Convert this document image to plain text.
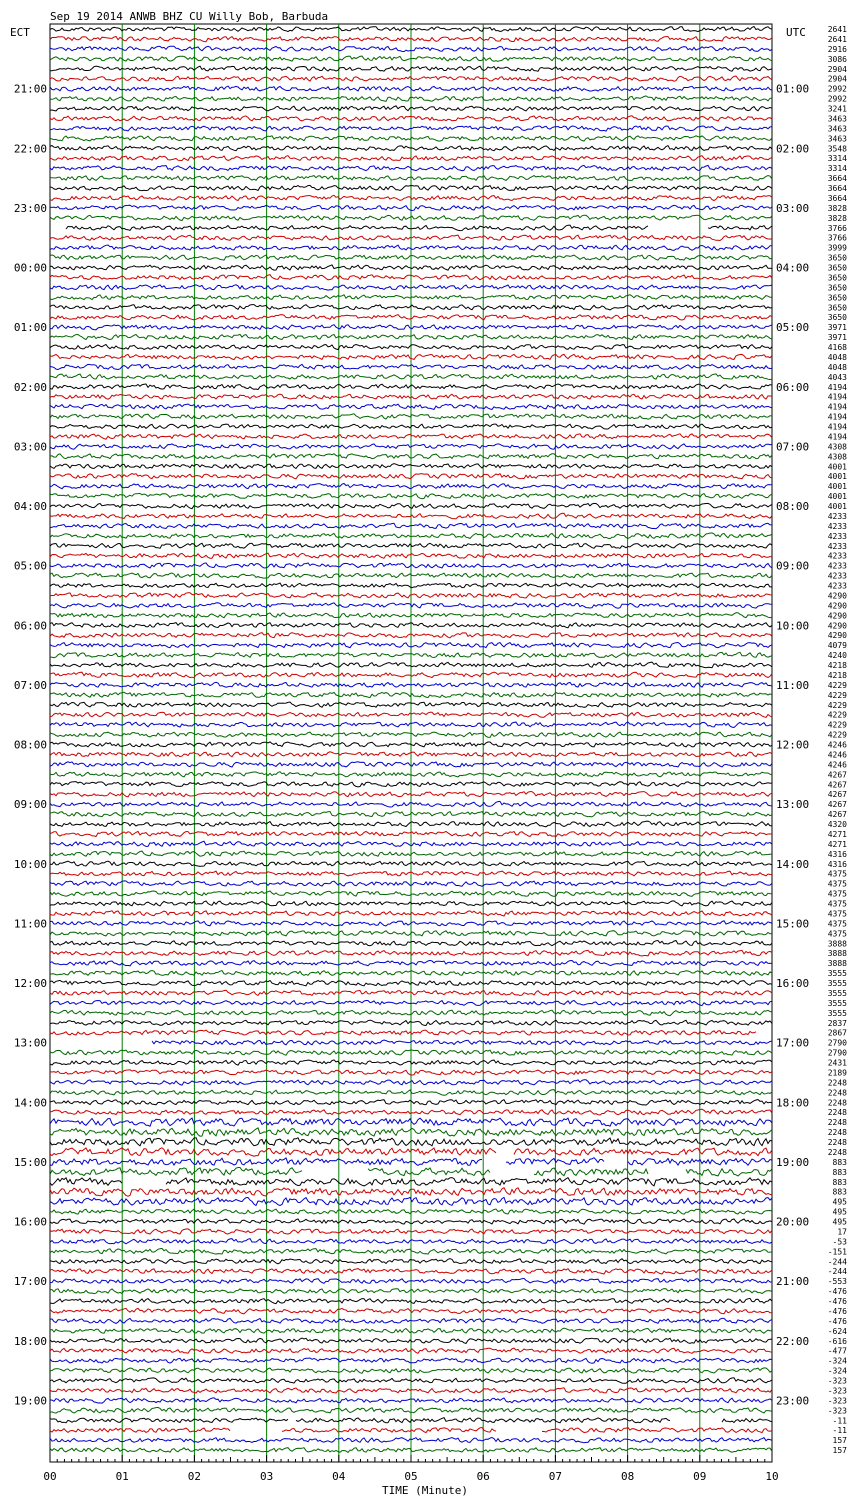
Sep 19 2014 ANWB BHZ CU Willy Bob, Barbuda
ECT	UTC
21:00
22:00
23:00
00:00
01:00
02:00
03:00
04:00
05:00
06:00
07:00
08:00
09:00
10:00
11:00
12:00
13:00
14:00
15:00
16:00
17:00
18:00
19:00
01:00
02:00
03:00
04:00
05:00
06:00
07:00
08:00
09:00
10:00
11:00
12:00
13:00
14:00
15:00
16:00
17:00
18:00
19:00
20:00
21:00
22:00
23:00
2641
2641
2916
3086
2904
2904
2992
2992
3241
3463
3463
3463
3548
3314
3314
3664
3664
3664
3828
3828
3766
3766
3999
3650
3650
3650
3650
3650
3650
3650
3971
3971
4168
4048
4048
4043
4194
4194
4194
4194
4194
4194
4308
4308
4001
4001
4001
4001
4001
4233
4233
4233
4233
4233
4233
4233
4233
4290
4290
4290
4290
4290
4079
4240
4218
4218
4229
4229
4229
4229
4229
4229
4246
4246
4246
4267
4267
4267
4267
4267
4320
4271
4271
4316
4316
4375
4375
4375
4375
4375
4375
4375
3888
3888
3888
3555
3555
3555
3555
3555
2837
2867
2790
2790
2431
2189
2248
2248
2248
2248
2248
2248
2248
2248
883
883
883
883
495
495
495
17
-53
-151
-244
-244
-553
-476
-476
-476
-476
-624
-616
-477
-324
-324
-323
-323
-323
-323
-11
-11
157
157
00	01	02	03	04	05	06	07	08	09	10
TIME (Minute)
